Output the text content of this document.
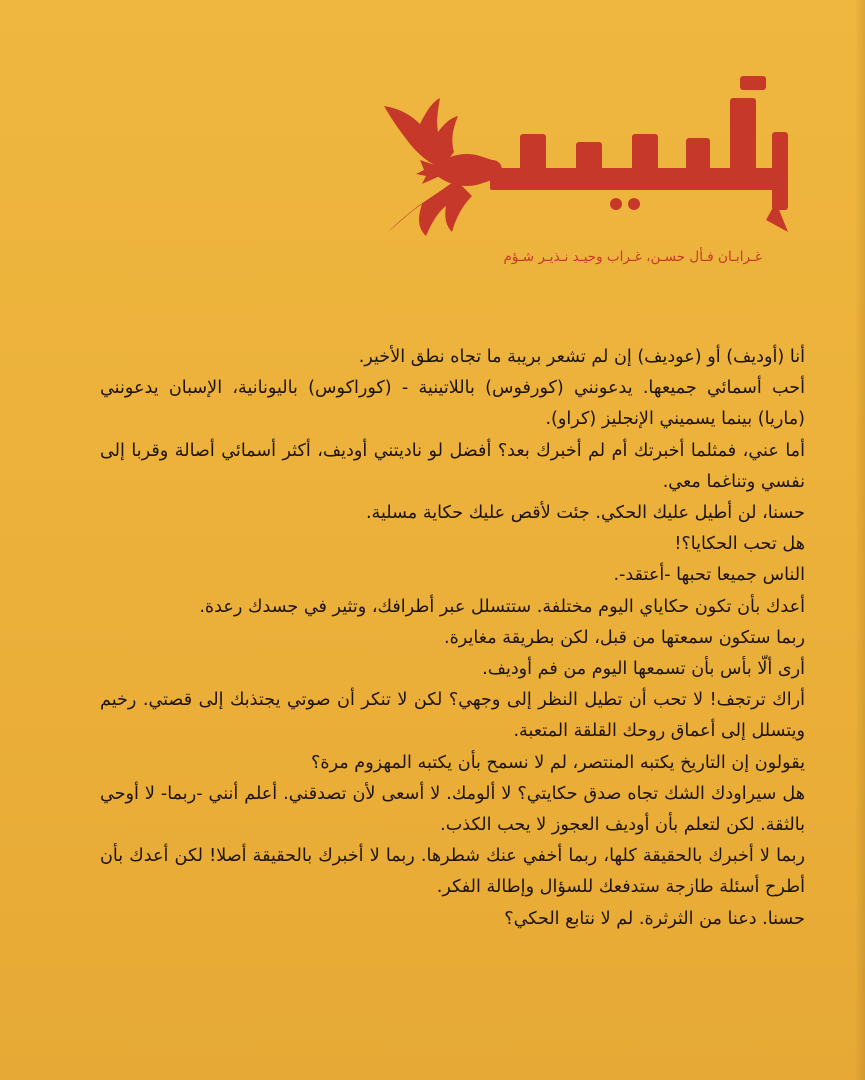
غـرابـان فـأل حسـن، غـراب وحيـد نـذيـر شـؤم

أنا (أوديف) أو (عوديف) إن لم تشعر بريبة ما تجاه نطق الأخير.

أحب أسمائي جميعها. يدعونني (كورفوس) باللاتينية - (كوراكوس) باليونانية، الإسبان يدعونني (ماريا) بينما يسميني الإنجليز (كراو).

أما عني، فمثلما أخبرتك أم لم أخبرك بعد؟ أفضل لو ناديتني أوديف، أكثر أسمائي أصالة وقربا إلى نفسي وتناغما معي.

حسنا، لن أطيل عليك الحكي. جئت لأقص عليك حكاية مسلية.

هل تحب الحكايا؟!

الناس جميعا تحبها -أعتقد-.

أعدك بأن تكون حكاياي اليوم مختلفة. ستتسلل عبر أطرافك، وتثير في جسدك رعدة.

ربما ستكون سمعتها من قبل، لكن بطريقة مغايرة.

أرى ألّا بأس بأن تسمعها اليوم من فم أوديف.

أراك ترتجف! لا تحب أن تطيل النظر إلى وجهي؟ لكن لا تنكر أن صوتي يجتذبك إلى قصتي. رخيم ويتسلل إلى أعماق روحك القلقة المتعبة.

يقولون إن التاريخ يكتبه المنتصر، لم لا نسمح بأن يكتبه المهزوم مرة؟

هل سيراودك الشك تجاه صدق حكايتي؟ لا ألومك. لا أسعى لأن تصدقني. أعلم أنني -ربما- لا أوحي بالثقة. لكن لتعلم بأن أوديف العجوز لا يحب الكذب.

ربما لا أخبرك بالحقيقة كلها، ربما أخفي عنك شطرها. ربما لا أخبرك بالحقيقة أصلا! لكن أعدك بأن أطرح أسئلة طازجة ستدفعك للسؤال وإطالة الفكر.

حسنا. دعنا من الثرثرة. لم لا نتابع الحكي؟
